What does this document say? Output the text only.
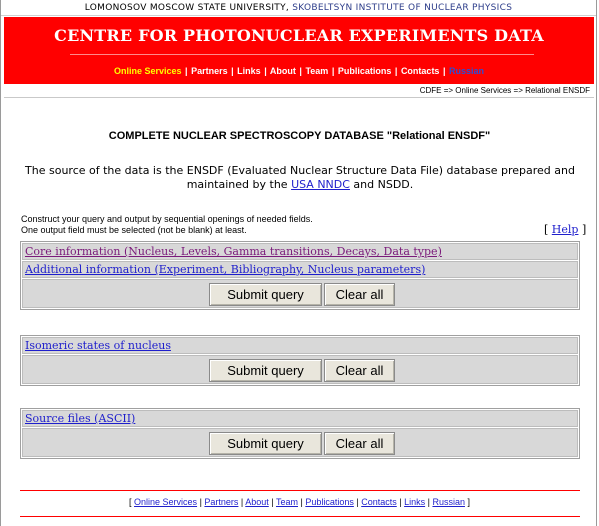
LOMONOSOV MOSCOW STATE UNIVERSITY, SKOBELTSYN INSTITUTE OF NUCLEAR PHYSICS
CENTRE FOR PHOTONUCLEAR EXPERIMENTS DATA
Online Services | Partners | Links | About | Team | Publications | Contacts | Russian
CDFE => Online Services => Relational ENSDF
COMPLETE NUCLEAR SPECTROSCOPY DATABASE "Relational ENSDF"
The source of the data is the ENSDF (Evaluated Nuclear Structure Data File) database prepared and maintained by the USA NNDC and NSDD.
Construct your query and output by sequential openings of needed fields.
One output field must be selected (not be blank) at least.	[ Help ]
Core information (Nucleus, Levels, Gamma transitions, Decays, Data type)
Additional information (Experiment, Bibliography, Nucleus parameters)
Submit query	Clear all
Isomeric states of nucleus
Submit query	Clear all
Source files (ASCII)
Submit query	Clear all
[ Online Services | Partners | About | Team | Publications | Contacts | Links | Russian ]
